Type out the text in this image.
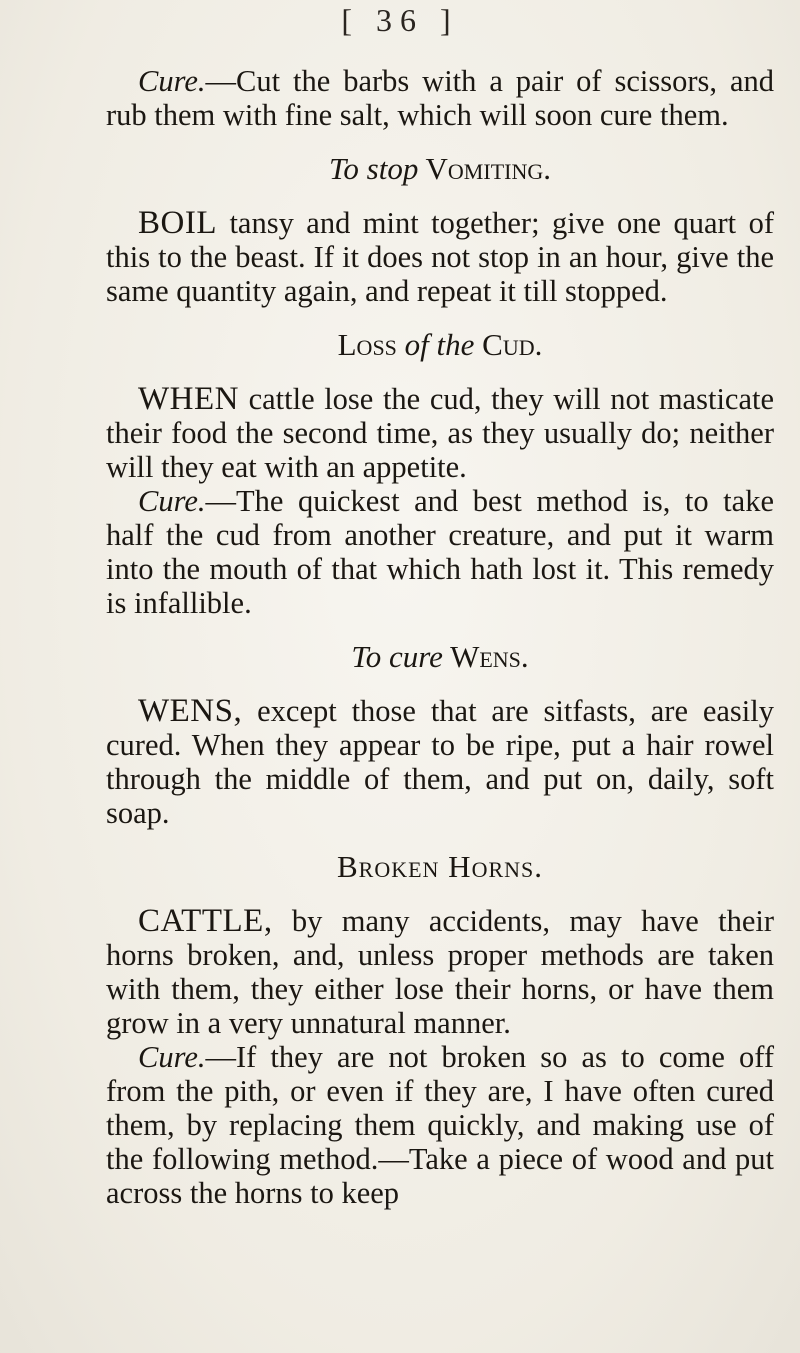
[ 36 ]

Cure.—Cut the barbs with a pair of scissors, and rub them with fine salt, which will soon cure them.

To stop Vomiting.

BOIL tansy and mint together; give one quart of this to the beast. If it does not stop in an hour, give the same quantity again, and repeat it till stopped.

Loss of the Cud.

WHEN cattle lose the cud, they will not masticate their food the second time, as they usually do; neither will they eat with an appetite.

Cure.—The quickest and best method is, to take half the cud from another creature, and put it warm into the mouth of that which hath lost it. This remedy is infallible.

To cure Wens.

WENS, except those that are sitfasts, are easily cured. When they appear to be ripe, put a hair rowel through the middle of them, and put on, daily, soft soap.

Broken Horns.

CATTLE, by many accidents, may have their horns broken, and, unless proper methods are taken with them, they either lose their horns, or have them grow in a very unnatural manner.

Cure.—If they are not broken so as to come off from the pith, or even if they are, I have often cured them, by replacing them quickly, and making use of the following method.—Take a piece of wood and put across the horns to keep
